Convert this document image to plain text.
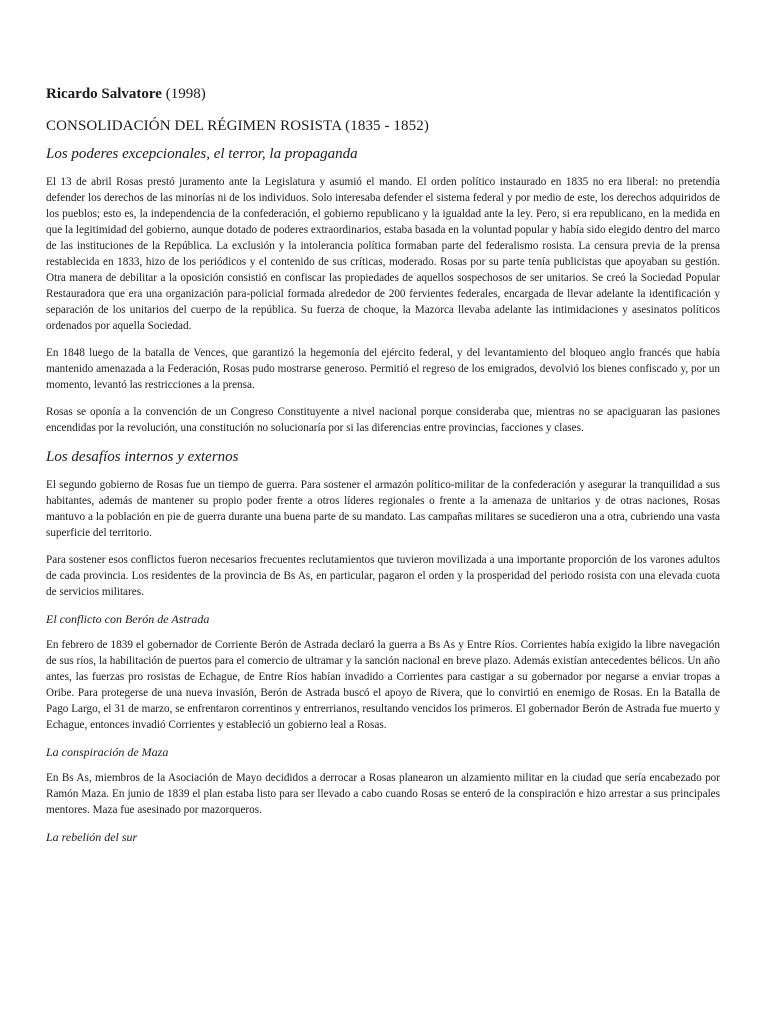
Ricardo Salvatore (1998)
CONSOLIDACIÓN DEL RÉGIMEN ROSISTA (1835 - 1852)
Los poderes excepcionales, el terror, la propaganda

El 13 de abril Rosas prestó juramento ante la Legislatura y asumió el mando. El orden político instaurado en 1835 no era liberal: no pretendía defender los derechos de las minorías ni de los individuos. Solo interesaba defender el sistema federal y por medio de este, los derechos adquiridos de los pueblos; esto es, la independencia de la confederación, el gobierno republicano y la igualdad ante la ley. Pero, si era republicano, en la medida en que la legitimidad del gobierno, aunque dotado de poderes extraordinarios, estaba basada en la voluntad popular y había sido elegido dentro del marco de las instituciones de la República. La exclusión y la intolerancia política formaban parte del federalismo rosista. La censura previa de la prensa restablecida en 1833, hizo de los periódicos y el contenido de sus críticas, moderado. Rosas por su parte tenía publicistas que apoyaban su gestión. Otra manera de debilitar a la oposición consistió en confiscar las propiedades de aquellos sospechosos de ser unitarios. Se creó la Sociedad Popular Restauradora que era una organización para-policial formada alrededor de 200 fervientes federales, encargada de llevar adelante la identificación y separación de los unitarios del cuerpo de la república. Su fuerza de choque, la Mazorca llevaba adelante las intimidaciones y asesinatos políticos ordenados por aquella Sociedad.

En 1848 luego de la batalla de Vences, que garantizó la hegemonía del ejército federal, y del levantamiento del bloqueo anglo francés que había mantenido amenazada a la Federación, Rosas pudo mostrarse generoso. Permitió el regreso de los emigrados, devolvió los bienes confiscado y, por un momento, levantó las restricciones a la prensa.

Rosas se oponía a la convención de un Congreso Constituyente a nivel nacional porque consideraba que, mientras no se apaciguaran las pasiones encendidas por la revolución, una constitución no solucionaría por si las diferencias entre provincias, facciones y clases.

Los desafíos internos y externos

El segundo gobierno de Rosas fue un tiempo de guerra. Para sostener el armazón político-militar de la confederación y asegurar la tranquilidad a sus habitantes, además de mantener su propio poder frente a otros líderes regionales o frente a la amenaza de unitarios y de otras naciones, Rosas mantuvo a la población en pie de guerra durante una buena parte de su mandato. Las campañas militares se sucedieron una a otra, cubriendo una vasta superficie del territorio.

Para sostener esos conflictos fueron necesarios frecuentes reclutamientos que tuvieron movilizada a una importante proporción de los varones adultos de cada provincia. Los residentes de la provincia de Bs As, en particular, pagaron el orden y la prosperidad del periodo rosista con una elevada cuota de servicios militares.

El conflicto con Berón de Astrada

En febrero de 1839 el gobernador de Corriente Berón de Astrada declaró la guerra a Bs As y Entre Ríos. Corrientes había exigido la libre navegación de sus ríos, la habilitación de puertos para el comercio de ultramar y la sanción nacional en breve plazo. Además existían antecedentes bélicos. Un año antes, las fuerzas pro rosistas de Echague, de Entre Ríos habían invadido a Corrientes para castigar a su gobernador por negarse a enviar tropas a Oribe. Para protegerse de una nueva invasión, Berón de Astrada buscó el apoyo de Rivera, que lo convirtió en enemigo de Rosas. En la Batalla de Pago Largo, el 31 de marzo, se enfrentaron correntinos y entrerrianos, resultando vencidos los primeros. El gobernador Berón de Astrada fue muerto y Echague, entonces invadió Corrientes y estableció un gobierno leal a Rosas.

La conspiración de Maza

En Bs As, miembros de la Asociación de Mayo decididos a derrocar a Rosas planearon un alzamiento militar en la ciudad que sería encabezado por Ramón Maza. En junio de 1839 el plan estaba listo para ser llevado a cabo cuando Rosas se enteró de la conspiración e hizo arrestar a sus principales mentores. Maza fue asesinado por mazorqueros.

La rebelión del sur
